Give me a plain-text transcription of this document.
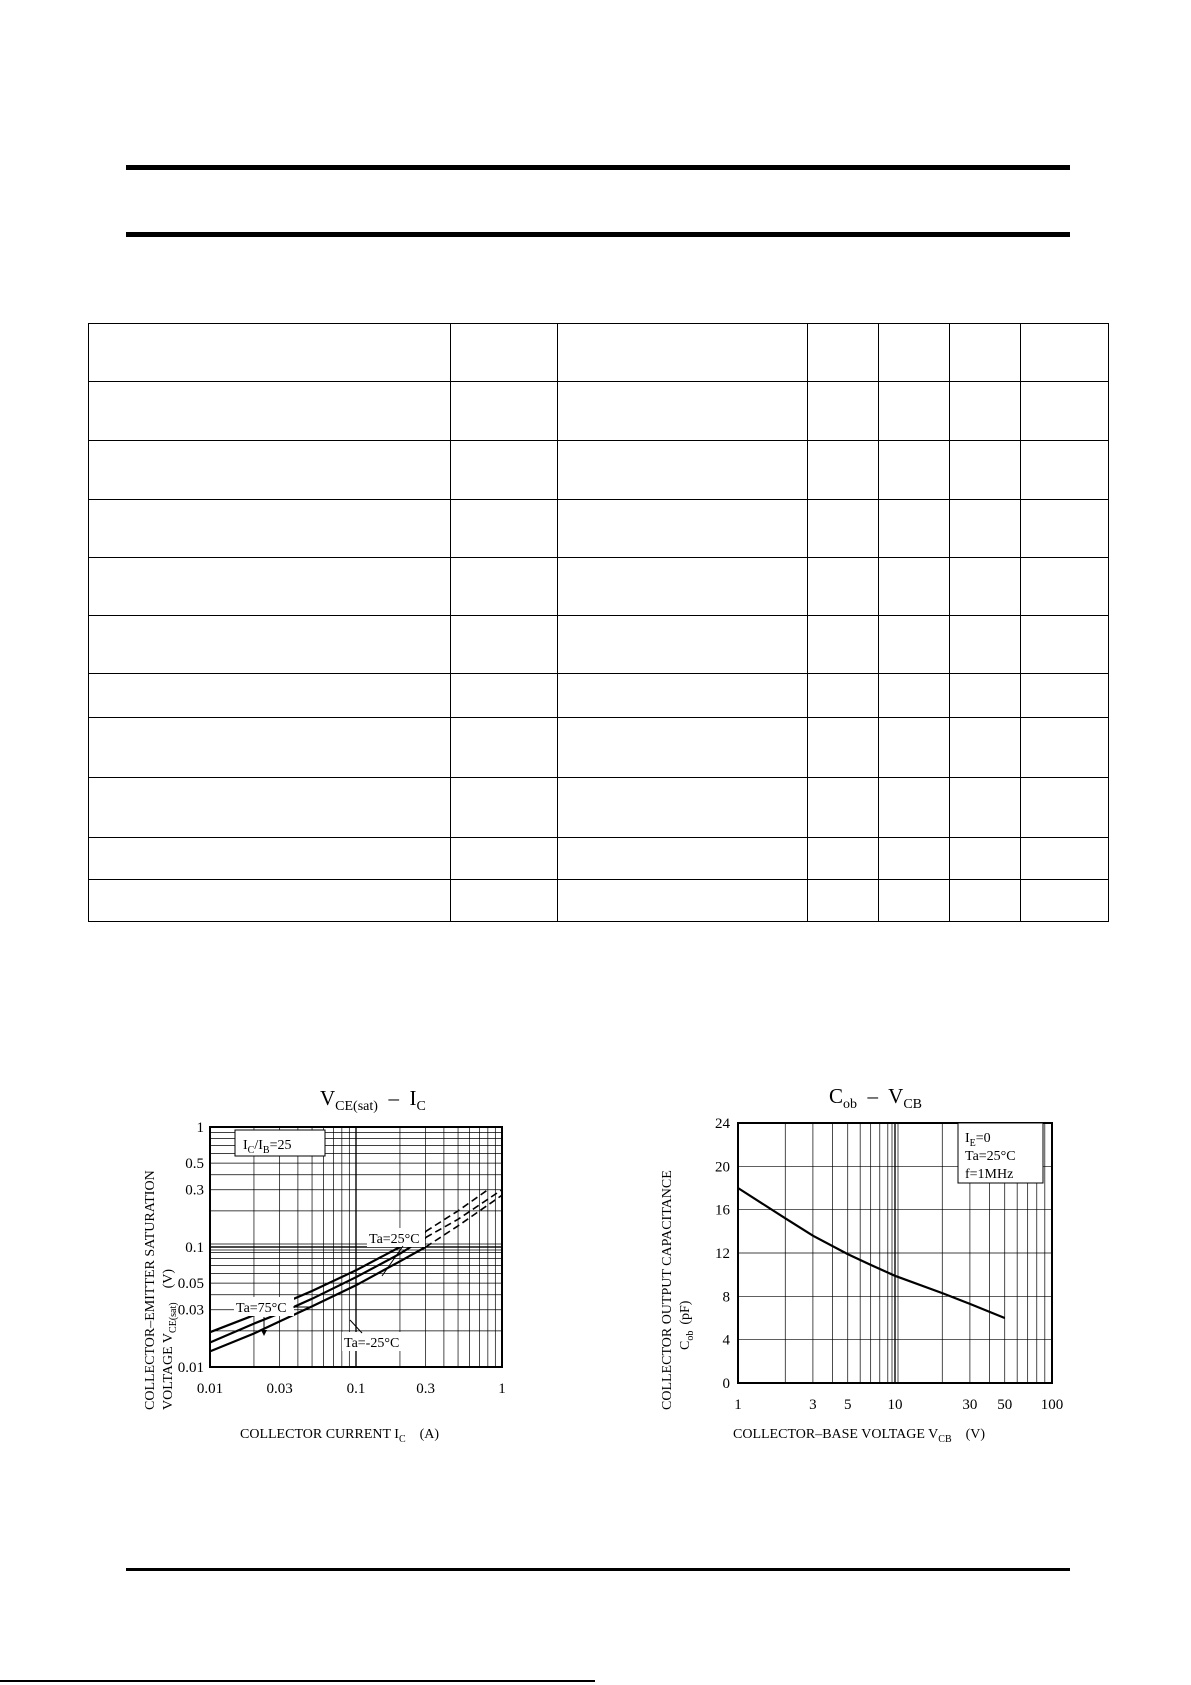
$V_{CE(sat)} - I_C$
0.01	0.03	0.1	0.3	1
1
0.5
0.3
0.1
0.05
0.03
0.01
$I_C/I_B=25$
Ta=25°C
Ta=75°C
Ta=-25°C
COLLECTOR CURRENT $I_C$ (A)
COLLECTOR–EMITTER SATURATION VOLTAGE $V_{CE(sat)}(V)$
$C_{ob} - V_{CB}$
1	3 5 10	30 50 100
0
4
8
12
16
20
24
$I_E=0$
Ta=25°C
f=1MHz
COLLECTOR–BASE VOLTAGE $V_{CB}$ (V)
COLLECTOR OUTPUT CAPACITANCE $C_{ob}(pF)$
